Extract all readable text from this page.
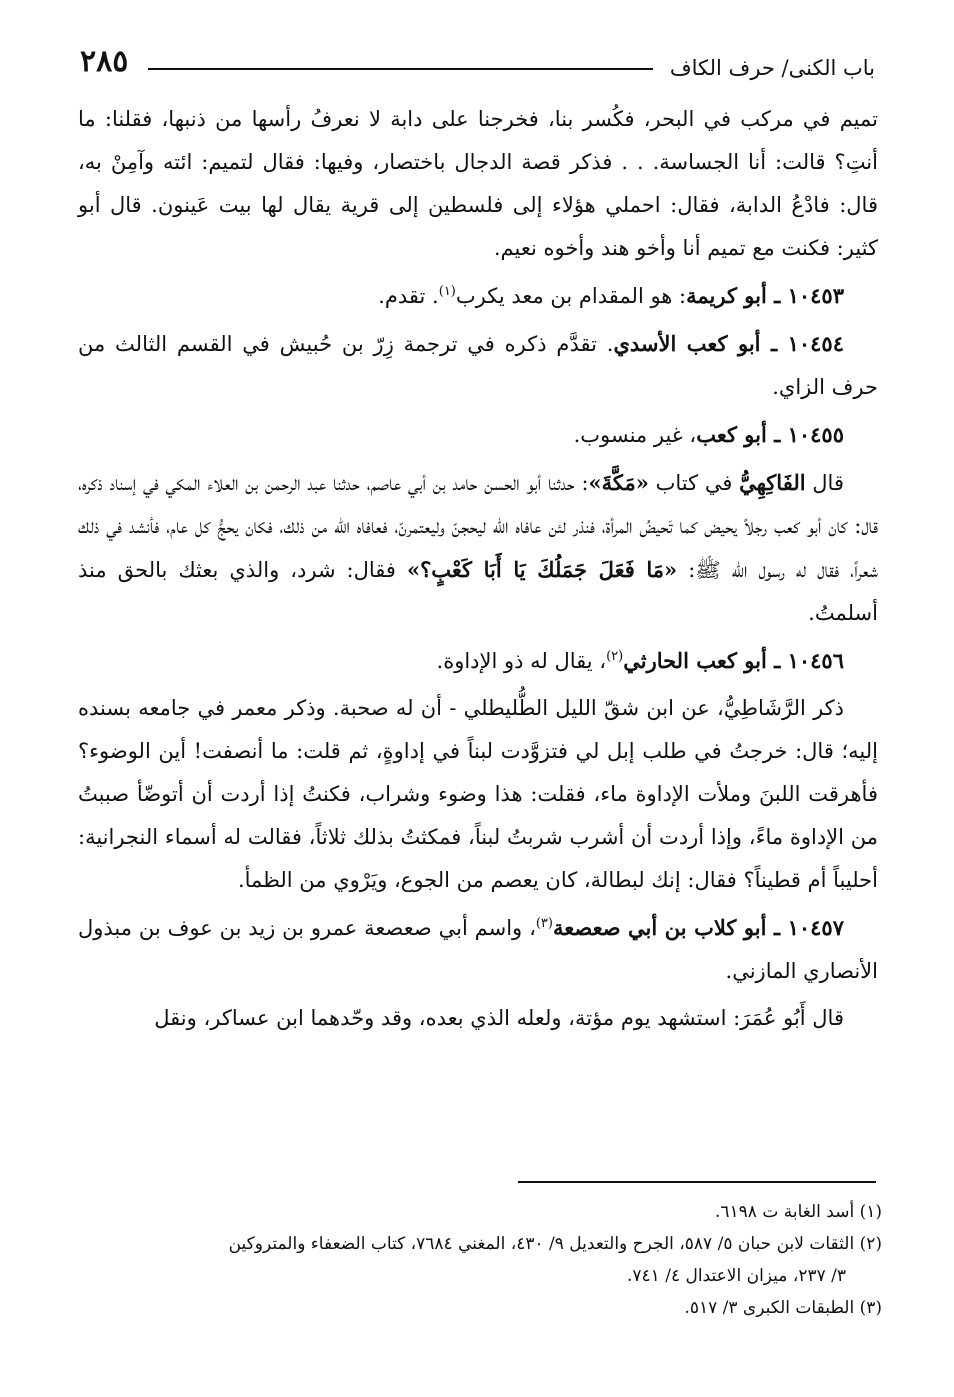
٢٨٥	باب الكنى/ حرف الكاف

تميم في مركب في البحر، فكُسر بنا، فخرجنا على دابة لا نعرفُ رأسها من ذنبها، فقلنا: ما أنتِ؟ قالت: أنا الجساسة. . . فذكر قصة الدجال باختصار، وفيها: فقال لتميم: ائته وآمِنْ به، قال: فادْعُ الدابة، فقال: احملي هؤلاء إلى فلسطين إلى قرية يقال لها بيت عَينون. قال أبو كثير: فكنت مع تميم أنا وأخو هند وأخوه نعيم.

١٠٤٥٣ ـ أبو كريمة: هو المقدام بن معد يكرب$^{(١)}$. تقدم.

١٠٤٥٤ ـ أبو كعب الأسدي. تقدَّم ذكره في ترجمة زِرّ بن حُبيش في القسم الثالث من حرف الزاي.

١٠٤٥٥ ـ أبو كعب، غير منسوب.

قال الفَاكِهِيُّ في كتاب «مَكَّةَ»: حدثنا أبو الحسن حامد بن أبي عاصم، حدثنا عبد الرحمن بن العلاء المكي في إسناد ذكره، قال: كان أبو كعب رجلاً يحيض كما تَحيضُ المرأة، فنذر لئن عافاه الله ليحجنّ وليعتمرنّ، فعافاه الله من ذلك، فكان يحجُّ كل عام، فأنشد في ذلك شعراً، فقال له رسول الله ﷺ: «مَا فَعَلَ جَمَلُكَ يَا أَبَا كَعْبٍ؟» فقال: شرد، والذي بعثك بالحق منذ أسلمتُ.

١٠٤٥٦ ـ أبو كعب الحارثي$^{(٢)}$، يقال له ذو الإداوة.

ذكر الرَّشَاطِيُّ، عن ابن شقّ الليل الطُّليطلي - أن له صحبة. وذكر معمر في جامعه بسنده إليه؛ قال: خرجتُ في طلب إبل لي فتزوَّدت لبناً في إداوةٍ، ثم قلت: ما أنصفت! أين الوضوء؟ فأهرقت اللبنَ وملأت الإداوة ماء، فقلت: هذا وضوء وشراب، فكنتُ إذا أردت أن أتوضّأ صببتُ من الإداوة ماءً، وإذا أردت أن أشرب شربتُ لبناً، فمكثتُ بذلك ثلاثاً، فقالت له أسماء النجرانية: أحليباً أم قطيناً؟ فقال: إنك لبطالة، كان يعصم من الجوع، ويَرْوي من الظمأ.

١٠٤٥٧ ـ أبو كلاب بن أبي صعصعة$^{(٣)}$، واسم أبي صعصعة عمرو بن زيد بن عوف بن مبذول الأنصاري المازني.

قال أَبُو عُمَرَ: استشهد يوم مؤتة، ولعله الذي بعده، وقد وحّدهما ابن عساكر، ونقل

(١) أسد الغابة ت ٦١٩٨.

(٢) الثقات لابن حبان ٥/ ٥٨٧، الجرح والتعديل ٩/ ٤٣٠، المغني ٧٦٨٤، كتاب الضعفاء والمتروكين

٣/ ٢٣٧، ميزان الاعتدال ٤/ ٧٤١.

(٣) الطبقات الكبرى ٣/ ٥١٧.
